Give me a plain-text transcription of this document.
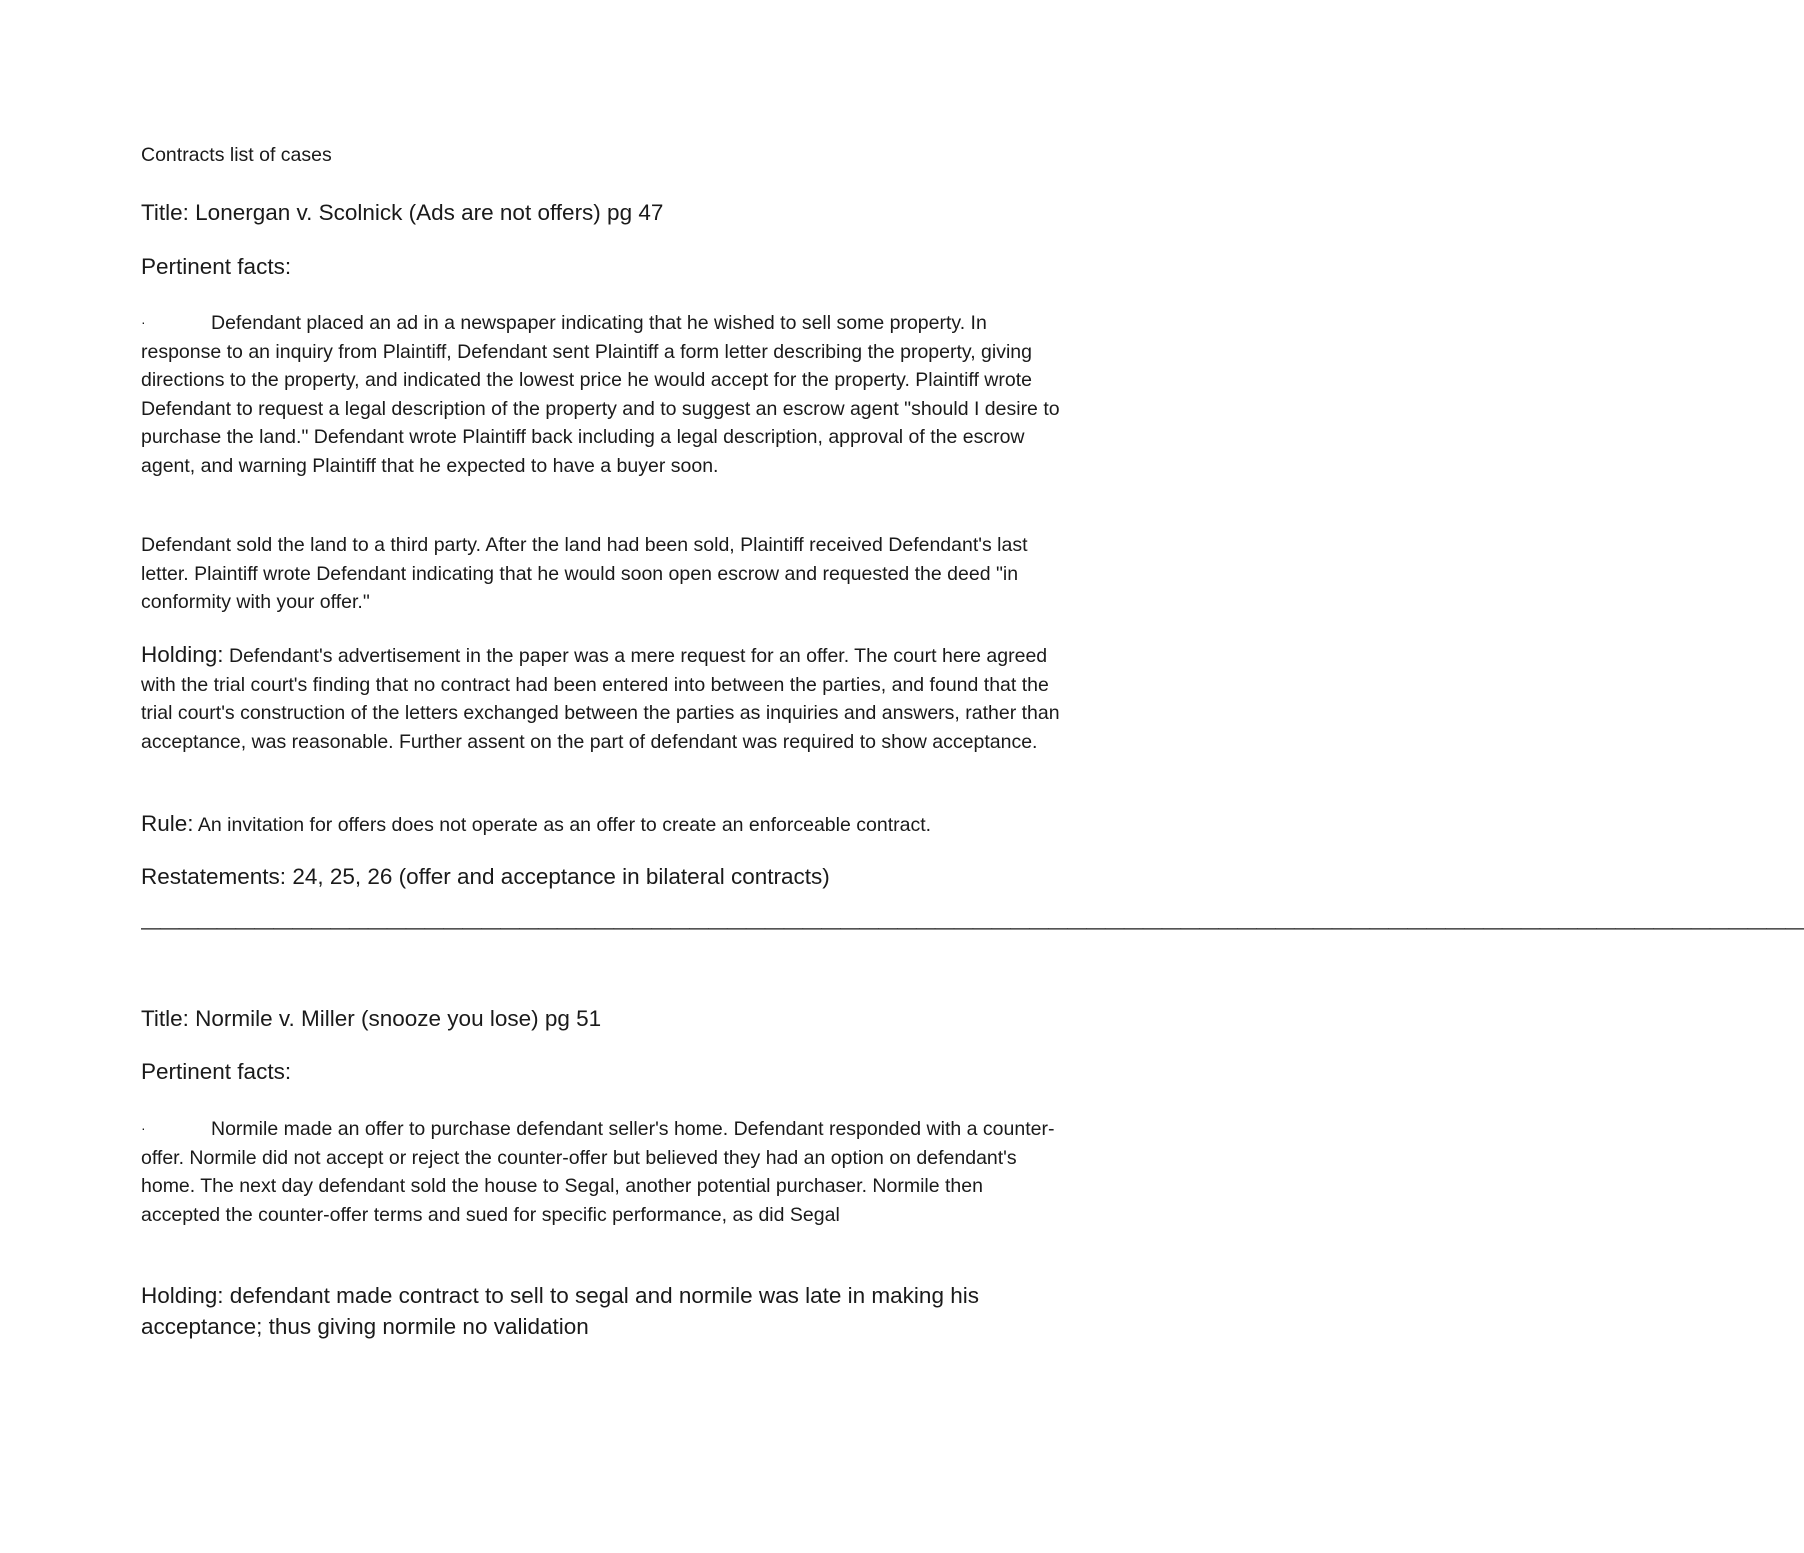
Contracts list of cases
Title: Lonergan v. Scolnick (Ads are not offers) pg 47
Pertinent facts:

·	Defendant placed an ad in a newspaper indicating that he wished to sell some property. In response to an inquiry from Plaintiff, Defendant sent Plaintiff a form letter describing the property, giving directions to the property, and indicated the lowest price he would accept for the property. Plaintiff wrote Defendant to request a legal description of the property and to suggest an escrow agent "should I desire to purchase the land." Defendant wrote Plaintiff back including a legal description, approval of the escrow agent, and warning Plaintiff that he expected to have a buyer soon.

Defendant sold the land to a third party. After the land had been sold, Plaintiff received Defendant's last letter. Plaintiff wrote Defendant indicating that he would soon open escrow and requested the deed "in conformity with your offer."

Holding: Defendant's advertisement in the paper was a mere request for an offer. The court here agreed with the trial court's finding that no contract had been entered into between the parties, and found that the trial court's construction of the letters exchanged between the parties as inquiries and answers, rather than acceptance, was reasonable. Further assent on the part of defendant was required to show acceptance.

Rule: An invitation for offers does not operate as an offer to create an enforceable contract.

Restatements: 24, 25, 26 (offer and acceptance in bilateral contracts)
————————————————————————————————————————————————————————————————————————————————————————
Title: Normile v. Miller (snooze you lose) pg 51
Pertinent facts:

·	Normile made an offer to purchase defendant seller's home. Defendant responded with a counter-offer. Normile did not accept or reject the counter-offer but believed they had an option on defendant's home. The next day defendant sold the house to Segal, another potential purchaser. Normile then accepted the counter-offer terms and sued for specific performance, as did Segal

Holding: defendant made contract to sell to segal and normile was late in making his acceptance; thus giving normile no validation
